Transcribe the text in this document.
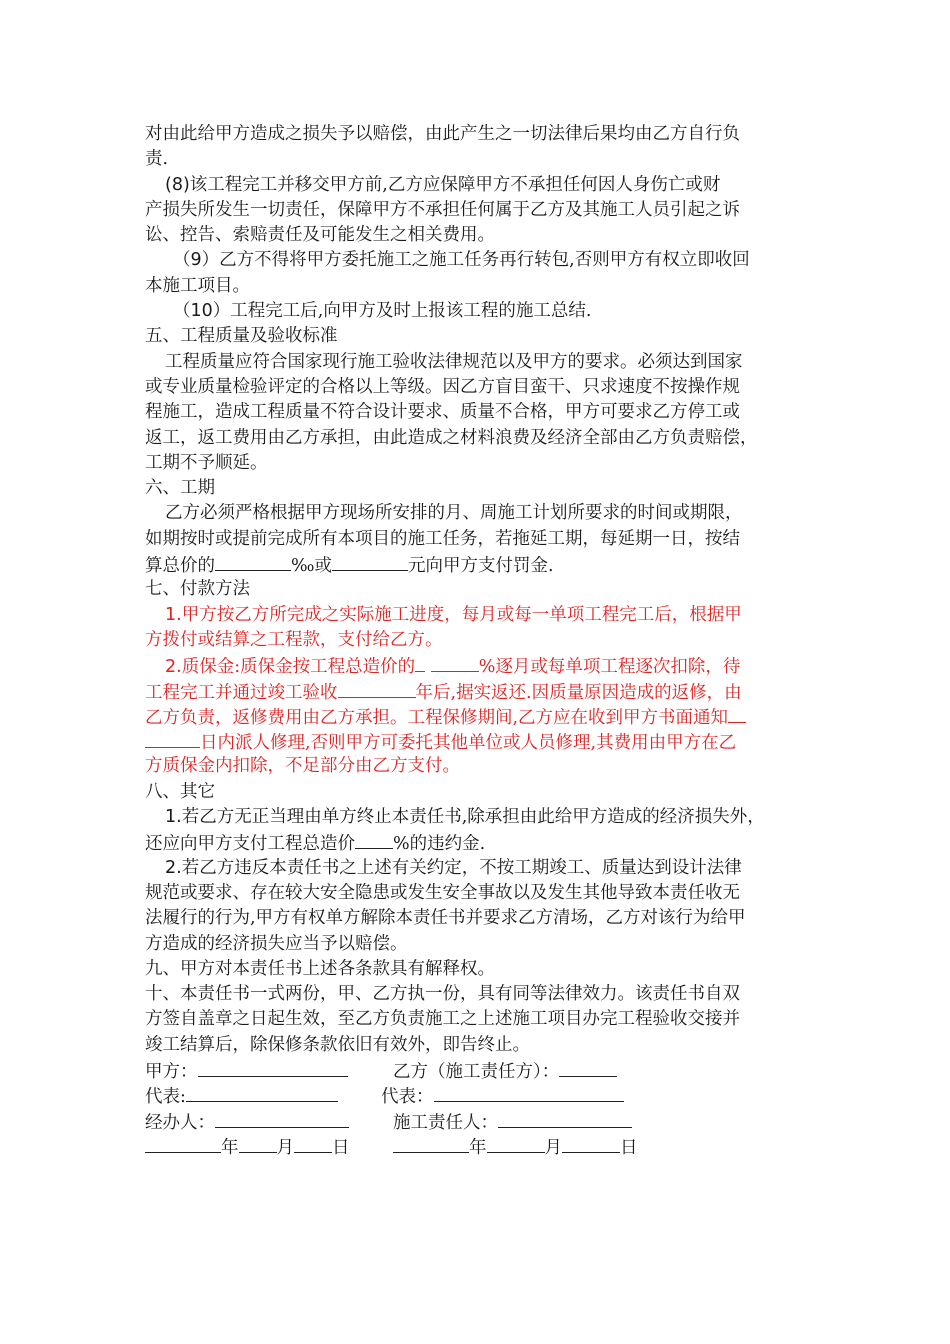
对由此给甲方造成之损失予以赔偿，由此产生之一切法律后果均由乙方自行负
责.
(8)该工程完工并移交甲方前,乙方应保障甲方不承担任何因人身伤亡或财
产损失所发生一切责任，保障甲方不承担任何属于乙方及其施工人员引起之诉
讼、控告、索赔责任及可能发生之相关费用。
（9）乙方不得将甲方委托施工之施工任务再行转包,否则甲方有权立即收回
本施工项目。
（10）工程完工后,向甲方及时上报该工程的施工总结.
五、工程质量及验收标准
工程质量应符合国家现行施工验收法律规范以及甲方的要求。必须达到国家
或专业质量检验评定的合格以上等级。因乙方盲目蛮干、只求速度不按操作规
程施工，造成工程质量不符合设计要求、质量不合格，甲方可要求乙方停工或
返工，返工费用由乙方承担，由此造成之材料浪费及经济全部由乙方负责赔偿，
工期不予顺延。
六、工期
乙方必须严格根据甲方现场所安排的月、周施工计划所要求的时间或期限，
如期按时或提前完成所有本项目的施工任务，若拖延工期，每延期一日，按结
算总价的	‰或	元向甲方支付罚金.
七、付款方法
1.甲方按乙方所完成之实际施工进度，每月或每一单项工程完工后，根据甲
方拨付或结算之工程款，支付给乙方。
2.质保金:质保金按工程总造价的	%逐月或每单项工程逐次扣除，待
工程完工并通过竣工验收	年后,据实返还.因质量原因造成的返修，由
乙方负责，返修费用由乙方承担。工程保修期间,乙方应在收到甲方书面通知
日内派人修理,否则甲方可委托其他单位或人员修理,其费用由甲方在乙
方质保金内扣除，不足部分由乙方支付。
八、其它
1.若乙方无正当理由单方终止本责任书,除承担由此给甲方造成的经济损失外，
还应向甲方支付工程总造价 %的违约金.
2.若乙方违反本责任书之上述有关约定，不按工期竣工、质量达到设计法律
规范或要求、存在较大安全隐患或发生安全事故以及发生其他导致本责任收无
法履行的行为,甲方有权单方解除本责任书并要求乙方清场，乙方对该行为给甲
方造成的经济损失应当予以赔偿。
九、甲方对本责任书上述各条款具有解释权。
十、本责任书一式两份，甲、乙方执一份，具有同等法律效力。该责任书自双
方签自盖章之日起生效，至乙方负责施工之上述施工项目办完工程验收交接并
竣工结算后，除保修条款依旧有效外，即告终止。
甲方：	乙方（施工责任方）：
代表:	代表：
经办人：	施工责任人：
年 月 日	年	月	日
